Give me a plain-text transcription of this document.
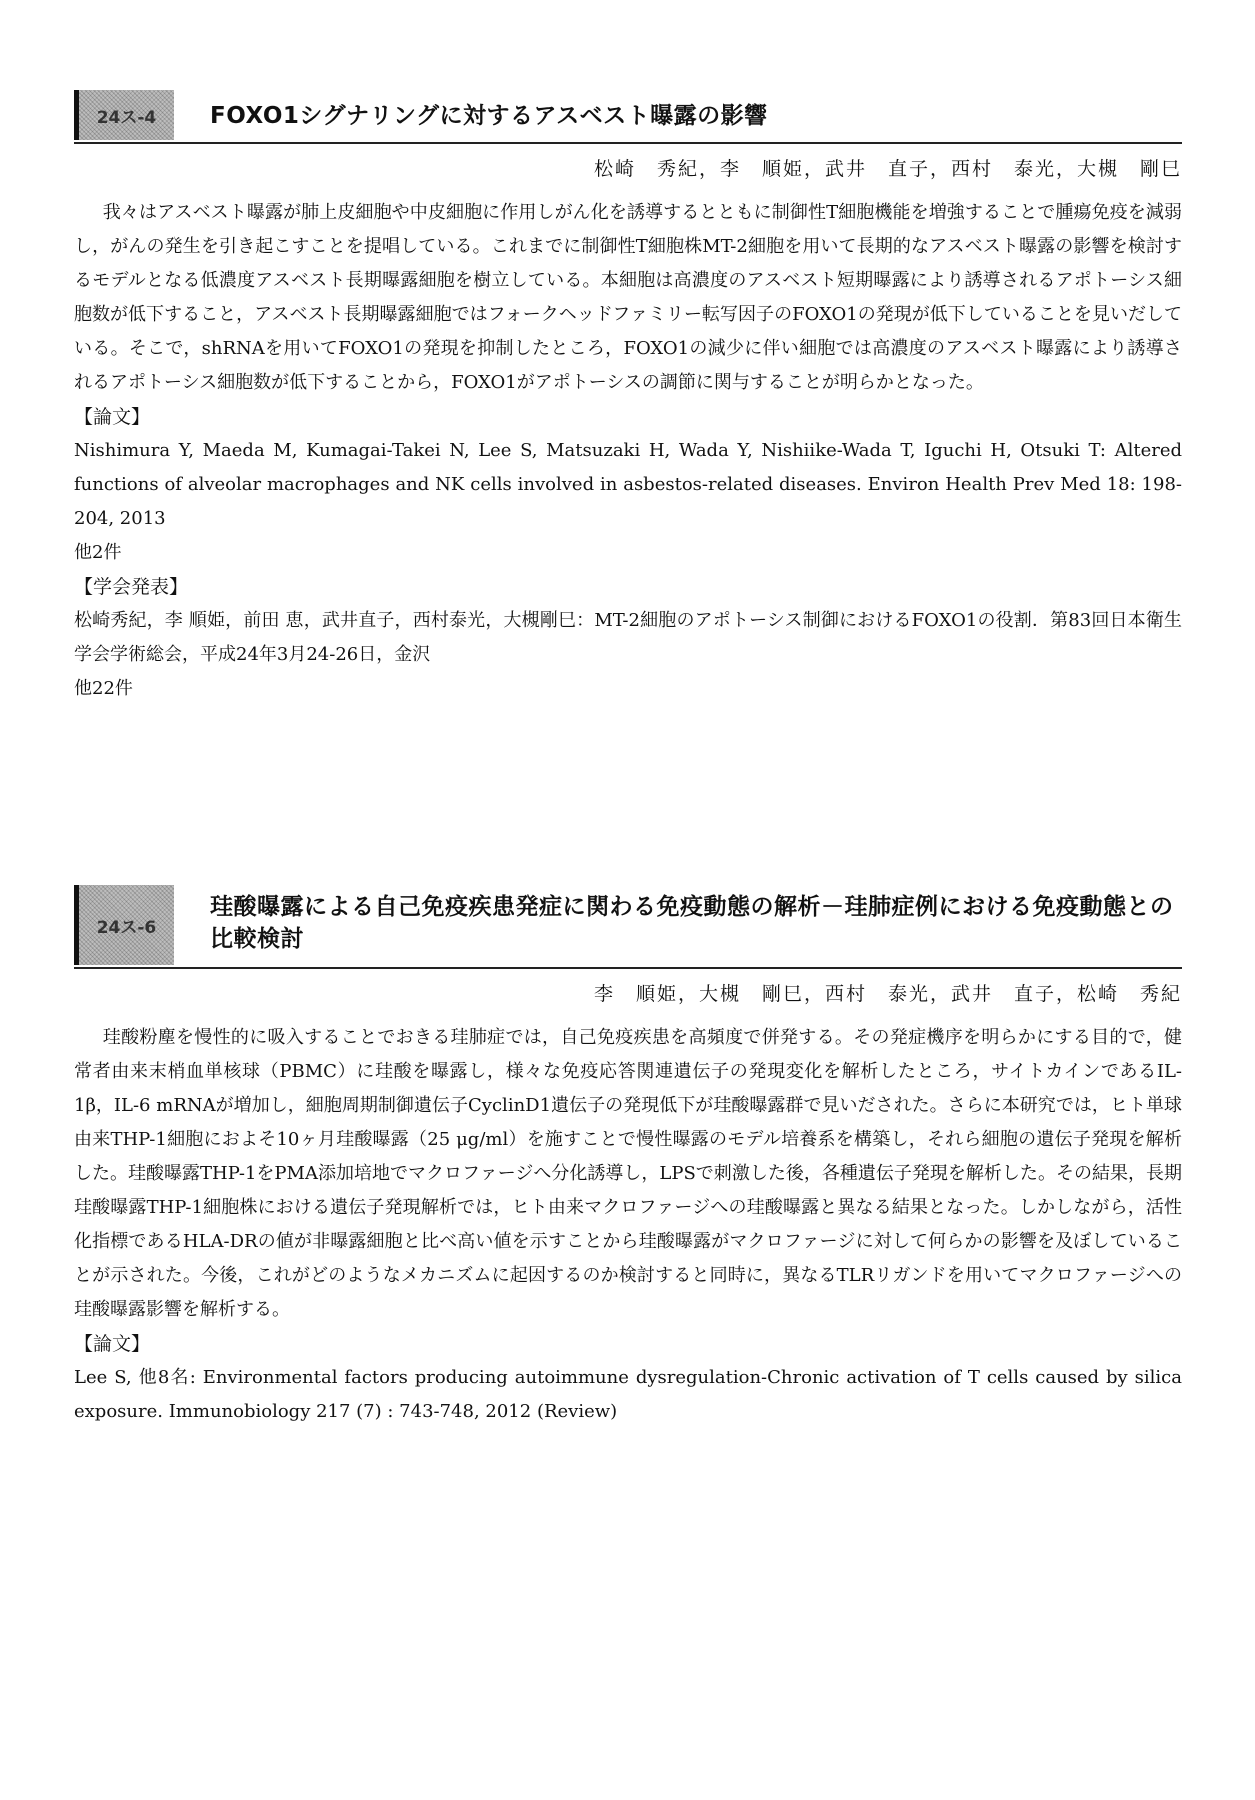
24ス-4	FOXO1シグナリングに対するアスベスト曝露の影響
松崎　秀紀，李　順姫，武井　直子，西村　泰光，大槻　剛巳

我々はアスベスト曝露が肺上皮細胞や中皮細胞に作用しがん化を誘導するとともに制御性T細胞機能を増強することで腫瘍免疫を減弱し，がんの発生を引き起こすことを提唱している。これまでに制御性T細胞株MT-2細胞を用いて長期的なアスベスト曝露の影響を検討するモデルとなる低濃度アスベスト長期曝露細胞を樹立している。本細胞は高濃度のアスベスト短期曝露により誘導されるアポトーシス細胞数が低下すること，アスベスト長期曝露細胞ではフォークヘッドファミリー転写因子のFOXO1の発現が低下していることを見いだしている。そこで，shRNAを用いてFOXO1の発現を抑制したところ，FOXO1の減少に伴い細胞では高濃度のアスベスト曝露により誘導されるアポトーシス細胞数が低下することから，FOXO1がアポトーシスの調節に関与することが明らかとなった。

【論文】

Nishimura Y, Maeda M, Kumagai-Takei N, Lee S, Matsuzaki H, Wada Y, Nishiike-Wada T, Iguchi H, Otsuki T: Altered functions of alveolar macrophages and NK cells involved in asbestos-related diseases. Environ Health Prev Med 18: 198-204, 2013

他2件

【学会発表】

松崎秀紀，李 順姫，前田 恵，武井直子，西村泰光，大槻剛巳：MT-2細胞のアポトーシス制御におけるFOXO1の役割．第83回日本衛生学会学術総会，平成24年3月24-26日，金沢

他22件

24ス-6
珪酸曝露による自己免疫疾患発症に関わる免疫動態の解析－珪肺症例における免疫動態との比較検討
李　順姫，大槻　剛巳，西村　泰光，武井　直子，松崎　秀紀

珪酸粉塵を慢性的に吸入することでおきる珪肺症では，自己免疫疾患を高頻度で併発する。その発症機序を明らかにする目的で，健常者由来末梢血単核球（PBMC）に珪酸を曝露し，様々な免疫応答関連遺伝子の発現変化を解析したところ，サイトカインであるIL-1β，IL-6 mRNAが増加し，細胞周期制御遺伝子CyclinD1遺伝子の発現低下が珪酸曝露群で見いだされた。さらに本研究では，ヒト単球由来THP-1細胞におよそ10ヶ月珪酸曝露（25 μg/ml）を施すことで慢性曝露のモデル培養系を構築し，それら細胞の遺伝子発現を解析した。珪酸曝露THP-1をPMA添加培地でマクロファージへ分化誘導し，LPSで刺激した後，各種遺伝子発現を解析した。その結果，長期珪酸曝露THP-1細胞株における遺伝子発現解析では，ヒト由来マクロファージへの珪酸曝露と異なる結果となった。しかしながら，活性化指標であるHLA-DRの値が非曝露細胞と比べ高い値を示すことから珪酸曝露がマクロファージに対して何らかの影響を及ぼしていることが示された。今後，これがどのようなメカニズムに起因するのか検討すると同時に，異なるTLRリガンドを用いてマクロファージへの珪酸曝露影響を解析する。

【論文】

Lee S, 他8名: Environmental factors producing autoimmune dysregulation-Chronic activation of T cells caused by silica exposure. Immunobiology 217 (7) : 743-748, 2012 (Review)
